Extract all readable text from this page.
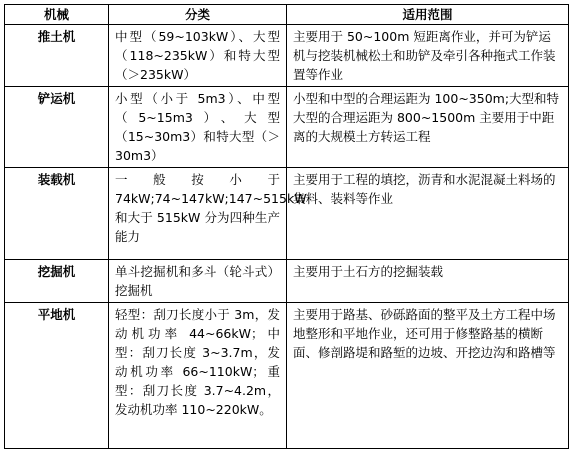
机械	分类	适用范围
推土机	中型（59~103kW）、大型（118~235kW）和特大型（＞235kW）	主要用于 50~100m 短距离作业，并可为铲运机与挖装机械松土和助铲及牵引各种拖式工作装置等作业
铲运机	小型（小于 5m3）、中型（5~15m3）、大型（15~30m3）和特大型（＞30m3）	小型和中型的合理运距为 100~350m;大型和特大型的合理运距为 800~1500m 主要用于中距离的大规模土方转运工程
装载机	一般按小于74kW;74~147kW;147~515kW 和大于 515kW 分为四种生产能力	主要用于工程的填挖，沥青和水泥混凝土料场的集料、装料等作业
挖掘机	单斗挖掘机和多斗（轮斗式）挖掘机	主要用于土石方的挖掘装载
平地机	轻型：刮刀长度小于 3m，发动机功率 44~66kW；中型：刮刀长度 3~3.7m，发动机功率 66~110kW；重型：刮刀长度 3.7~4.2m，发动机功率 110~220kW。	主要用于路基、砂砾路面的整平及土方工程中场地整形和平地作业，还可用于修整路基的横断面、修剖路堤和路堑的边坡、开挖边沟和路槽等
